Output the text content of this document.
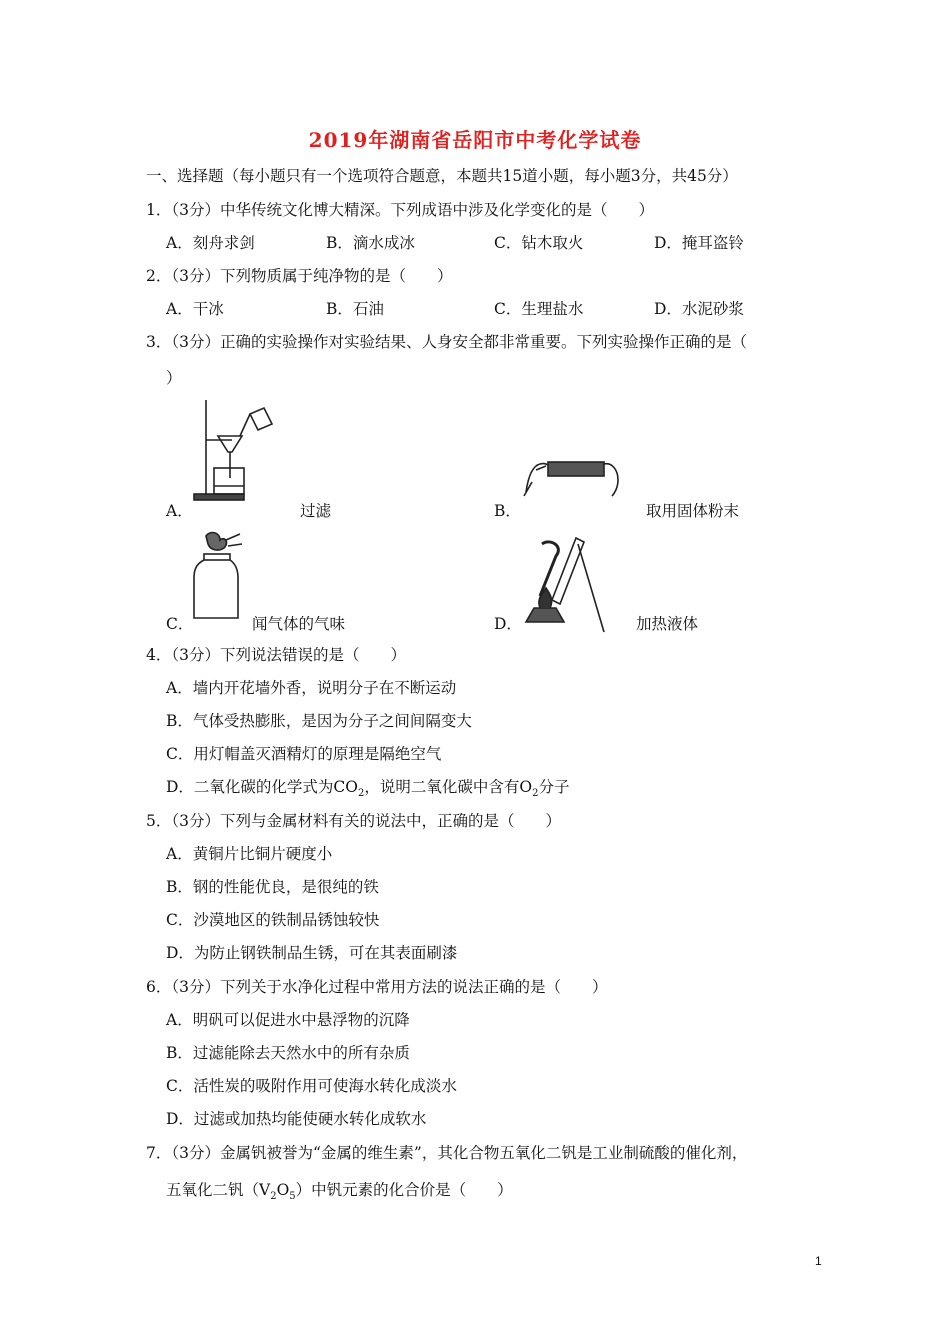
2019年湖南省岳阳市中考化学试卷
一、选择题（每小题只有一个选项符合题意，本题共15道小题，每小题3分，共45分）
1．（3分）中华传统文化博大精深。下列成语中涉及化学变化的是（　　）
A．刻舟求剑	B．滴水成冰	C．钻木取火	D．掩耳盗铃
2．（3分）下列物质属于纯净物的是（　　）
A．干冰	B．石油	C．生理盐水	D．水泥砂浆
3．（3分）正确的实验操作对实验结果、人身安全都非常重要。下列实验操作正确的是（
）
A．	过滤	B．	取用固体粉末
C．	闻气体的气味	D．	加热液体
4．（3分）下列说法错误的是（　　）
A．墙内开花墙外香，说明分子在不断运动
B．气体受热膨胀，是因为分子之间间隔变大
C．用灯帽盖灭酒精灯的原理是隔绝空气
D．二氧化碳的化学式为$CO_2$，说明二氧化碳中含有$O_2$分子
5．（3分）下列与金属材料有关的说法中，正确的是（　　）
A．黄铜片比铜片硬度小
B．钢的性能优良，是很纯的铁
C．沙漠地区的铁制品锈蚀较快
D．为防止钢铁制品生锈，可在其表面刷漆
6．（3分）下列关于水净化过程中常用方法的说法正确的是（　　）
A．明矾可以促进水中悬浮物的沉降
B．过滤能除去天然水中的所有杂质
C．活性炭的吸附作用可使海水转化成淡水
D．过滤或加热均能使硬水转化成软水
7．（3分）金属钒被誉为“金属的维生素”，其化合物五氧化二钒是工业制硫酸的催化剂，
五氧化二钒$(V_2O_5)$中钒元素的化合价是（　　）
1
